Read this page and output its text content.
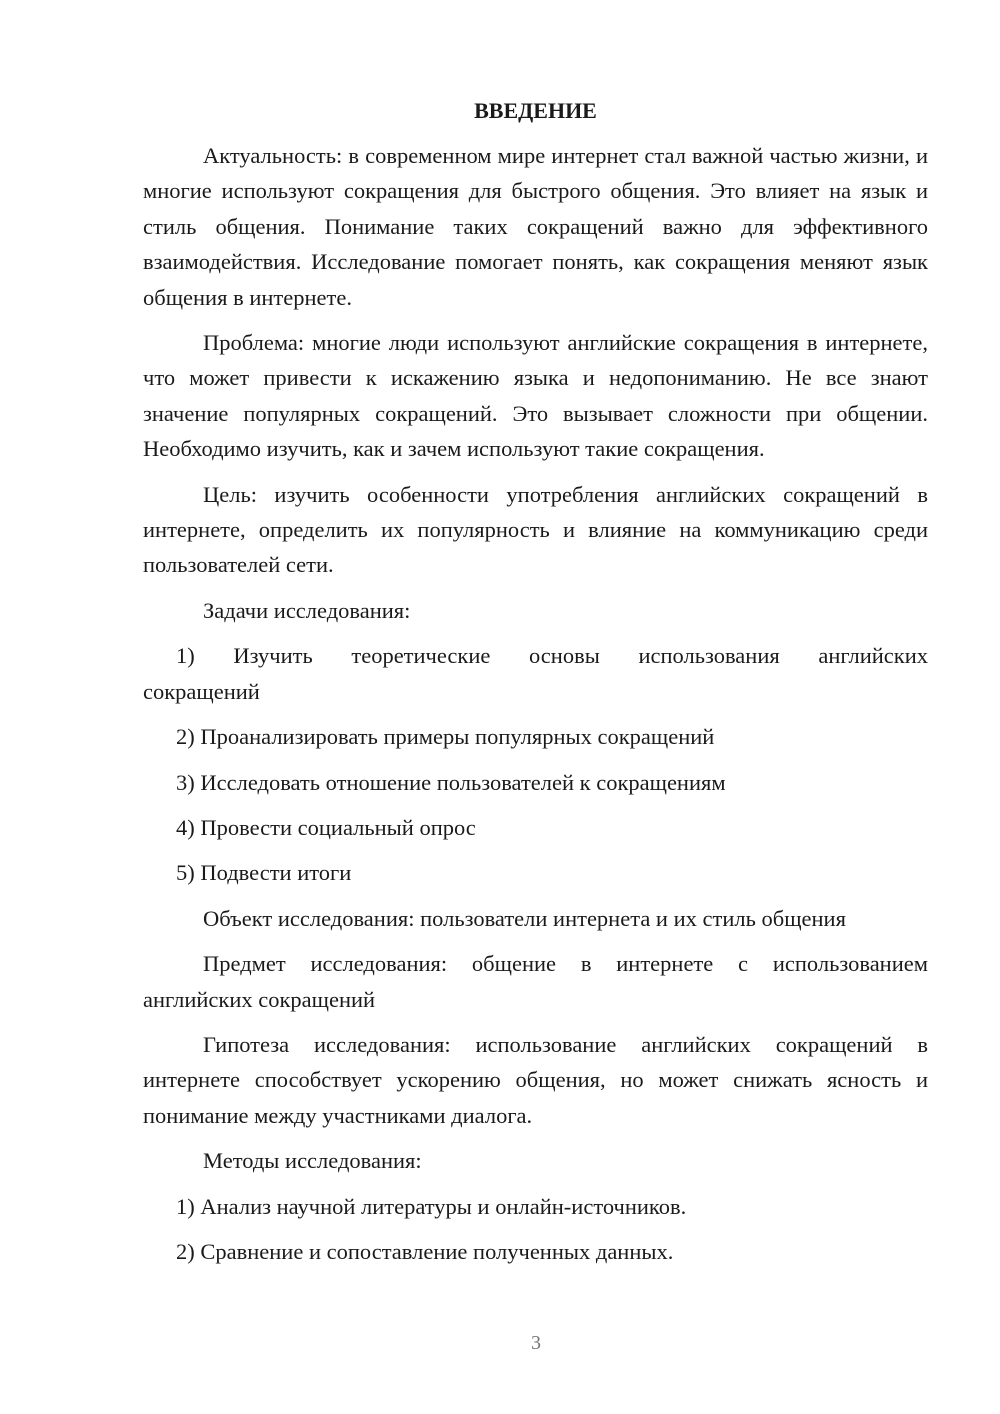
ВВЕДЕНИЕ

Актуальность: в современном мире интернет стал важной частью жизни, и многие используют сокращения для быстрого общения. Это влияет на язык и стиль общения. Понимание таких сокращений важно для эффективного взаимодействия. Исследование помогает понять, как сокращения меняют язык общения в интернете.

Проблема: многие люди используют английские сокращения в интернете, что может привести к искажению языка и недопониманию. Не все знают значение популярных сокращений. Это вызывает сложности при общении. Необходимо изучить, как и зачем используют такие сокращения.

Цель: изучить особенности употребления английских сокращений в интернете, определить их популярность и влияние на коммуникацию среди пользователей сети.

Задачи исследования:
1) Изучить теоретические основы использования английских
сокращений
2) Проанализировать примеры популярных сокращений
3) Исследовать отношение пользователей к сокращениям
4) Провести социальный опрос
5) Подвести итоги

Объект исследования: пользователи интернета и их стиль общения

Предмет исследования: общение в интернете с использованием английских сокращений

Гипотеза исследования: использование английских сокращений в интернете способствует ускорению общения, но может снижать ясность и понимание между участниками диалога.

Методы исследования:
1) Анализ научной литературы и онлайн-источников.
2) Сравнение и сопоставление полученных данных.
3
